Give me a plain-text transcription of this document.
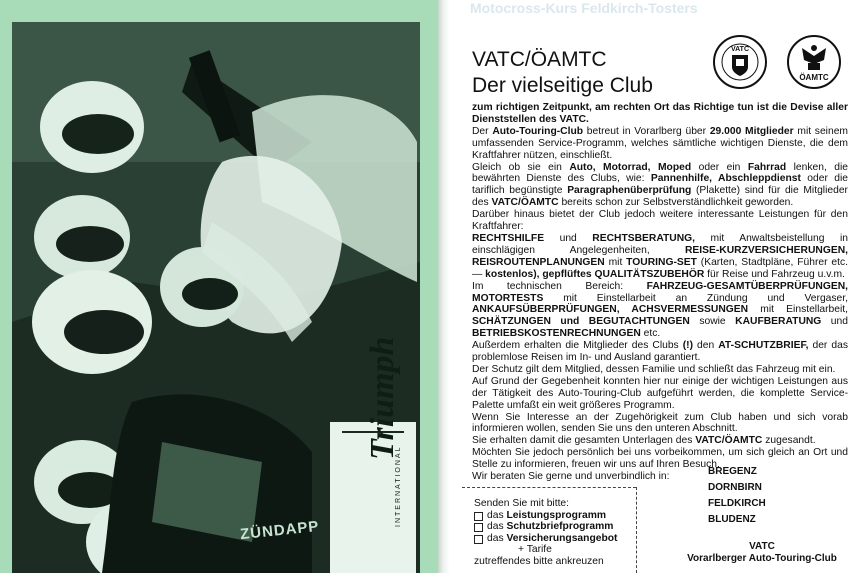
Triumph
INTERNATIONAL
ZÜNDAPP
Motocross-Kurs Feldkirch-Tosters
VATC/ÖAMTC
Der vielseitige Club
VATC
ÖAMTC

zum richtigen Zeitpunkt, am rechten Ort das Richtige tun ist die Devise aller Dienststellen des VATC.

Der Auto-Touring-Club betreut in Vorarlberg über 29.000 Mitglieder mit seinem umfassenden Service-Programm, welches sämtliche wichtigen Dienste, die dem Kraftfahrer nützen, einschließt.

Gleich ob sie ein Auto, Motorrad, Moped oder ein Fahrrad lenken, die bewährten Dienste des Clubs, wie: Pannenhilfe, Abschleppdienst oder die tariflich begünstigte Paragraphenüberprüfung (Plakette) sind für die Mitglieder des VATC/ÖAMTC bereits schon zur Selbstverständlichkeit geworden.

Darüber hinaus bietet der Club jedoch weitere interessante Leistungen für den Kraftfahrer:

RECHTSHILFE und RECHTSBERATUNG, mit Anwaltsbeistellung in einschlägigen Angelegenheiten, REISE-KURZVERSICHERUNGEN, REISROUTENPLANUNGEN mit TOURING-SET (Karten, Stadtpläne, Führer etc. — kostenlos), gepflüftes QUALITÄTSZUBEHÖR für Reise und Fahrzeug u.v.m.

Im technischen Bereich: FAHRZEUG-GESAMTÜBERPRÜFUNGEN, MOTORTESTS mit Einstellarbeit an Zündung und Vergaser, ANKAUFSÜBERPRÜFUNGEN, ACHSVERMESSUNGEN mit Einstellarbeit, SCHÄTZUNGEN und BEGUTACHTUNGEN sowie KAUFBERATUNG und BETRIEBSKOSTENRECHNUNGEN etc.

Außerdem erhalten die Mitglieder des Clubs (!) den AT-SCHUTZBRIEF, der das problemlose Reisen im In- und Ausland garantiert.

Der Schutz gilt dem Mitglied, dessen Familie und schließt das Fahrzeug mit ein.

Auf Grund der Gegebenheit konnten hier nur einige der wichtigen Leistungen aus der Tätigkeit des Auto-Touring-Club aufgeführt werden, die komplette Service-Palette umfaßt ein weit größeres Programm.

Wenn Sie Interesse an der Zugehörigkeit zum Club haben und sich vorab informieren wollen, senden Sie uns den unteren Abschnitt.

Sie erhalten damit die gesamten Unterlagen des VATC/ÖAMTC zugesandt.

Möchten Sie jedoch persönlich bei uns vorbeikommen, um sich gleich an Ort und Stelle zu informieren, freuen wir uns auf Ihren Besuch.

Wir beraten Sie gerne und unverbindlich in:	BREGENZ
DORNBIRN
FELDKIRCH
BLUDENZ
Senden Sie mit bitte:
das Leistungsprogramm
das Schutzbriefprogramm
das Versicherungsangebot
+ Tarife
zutreffendes bitte ankreuzen
VATC
Vorarlberger Auto-Touring-Club
